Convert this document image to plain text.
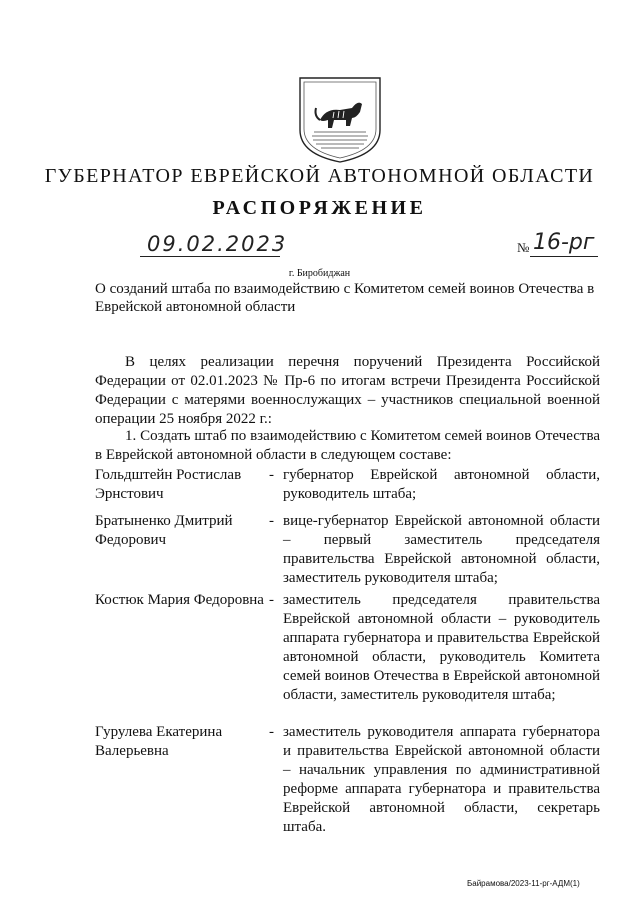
ГУБЕРНАТОР ЕВРЕЙСКОЙ АВТОНОМНОЙ ОБЛАСТИ
РАСПОРЯЖЕНИЕ
09.02.2023	№ 16-рг
г. Биробиджан
О созданий штаба по взаимодействию с Комитетом семей воинов Отечества в Еврейской автономной области
В целях реализации перечня поручений Президента Российской Федерации от 02.01.2023 № Пр-6 по итогам встречи Президента Российской Федерации с матерями военнослужащих – участников специальной военной операции 25 ноября 2022 г.:
1. Создать штаб по взаимодействию с Комитетом семей воинов Отечества в Еврейской автономной области в следующем составе:
Гольдштейн Ростислав Эрнстович
- губернатор Еврейской автономной области, руководитель штаба;
Братыненко Дмитрий Федорович
- вице-губернатор Еврейской автономной области – первый заместитель председателя правительства Еврейской автономной области, заместитель руководителя штаба;
Костюк Мария Федоровна - заместитель председателя правительства Еврейской автономной области – руководитель аппарата губернатора и правительства Еврейской автономной области, руководитель Комитета семей воинов Отечества в Еврейской автономной области, заместитель руководителя штаба;
Гурулева Екатерина Валерьевна
- заместитель руководителя аппарата губернатора и правительства Еврейской автономной области – начальник управления по административной реформе аппарата губернатора и правительства Еврейской автономной области, секретарь штаба.
Байрамова/2023-11-рг-АДМ(1)
